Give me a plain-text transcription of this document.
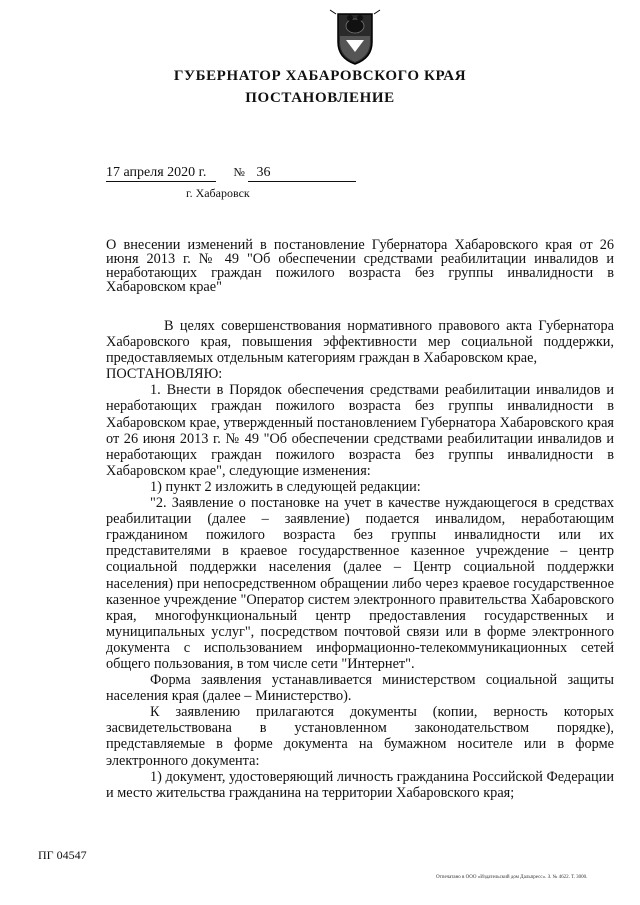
ГУБЕРНАТОР ХАБАРОВСКОГО КРАЯ
ПОСТАНОВЛЕНИЕ
17 апреля 2020 г. № 36
г. Хабаровск
О внесении изменений в постановление Губернатора Хабаровского края от 26 июня 2013 г. № 49 "Об обеспечении средствами реабилитации инвалидов и неработающих граждан пожилого возраста без группы инвалидности в Хабаровском крае"

В целях совершенствования нормативного правового акта Губернатора Хабаровского края, повышения эффективности мер социальной поддержки, предоставляемых отдельным категориям граждан в Хабаровском крае,

ПОСТАНОВЛЯЮ:

1. Внести в Порядок обеспечения средствами реабилитации инвалидов и неработающих граждан пожилого возраста без группы инвалидности в Хабаровском крае, утвержденный постановлением Губернатора Хабаровского края от 26 июня 2013 г. № 49 "Об обеспечении средствами реабилитации инвалидов и неработающих граждан пожилого возраста без группы инвалидности в Хабаровском крае", следующие изменения:

1) пункт 2 изложить в следующей редакции:

"2. Заявление о постановке на учет в качестве нуждающегося в средствах реабилитации (далее – заявление) подается инвалидом, неработающим гражданином пожилого возраста без группы инвалидности или их представителями в краевое государственное казенное учреждение – центр социальной поддержки населения (далее – Центр социальной поддержки населения) при непосредственном обращении либо через краевое государственное казенное учреждение "Оператор систем электронного правительства Хабаровского края, многофункциональный центр предоставления государственных и муниципальных услуг", посредством почтовой связи или в форме электронного документа с использованием информационно-телекоммуникационных сетей общего пользования, в том числе сети "Интернет".

Форма заявления устанавливается министерством социальной защиты населения края (далее – Министерство).

К заявлению прилагаются документы (копии, верность которых засвидетельствована в установленном законодательством порядке), представляемые в форме документа на бумажном носителе или в форме электронного документа:

1) документ, удостоверяющий личность гражданина Российской Федерации и место жительства гражданина на территории Хабаровского края;

ПГ 04547
Отпечатано в ООО «Издательский дом Дальпресс». З. № 4622. Т. 3000.
